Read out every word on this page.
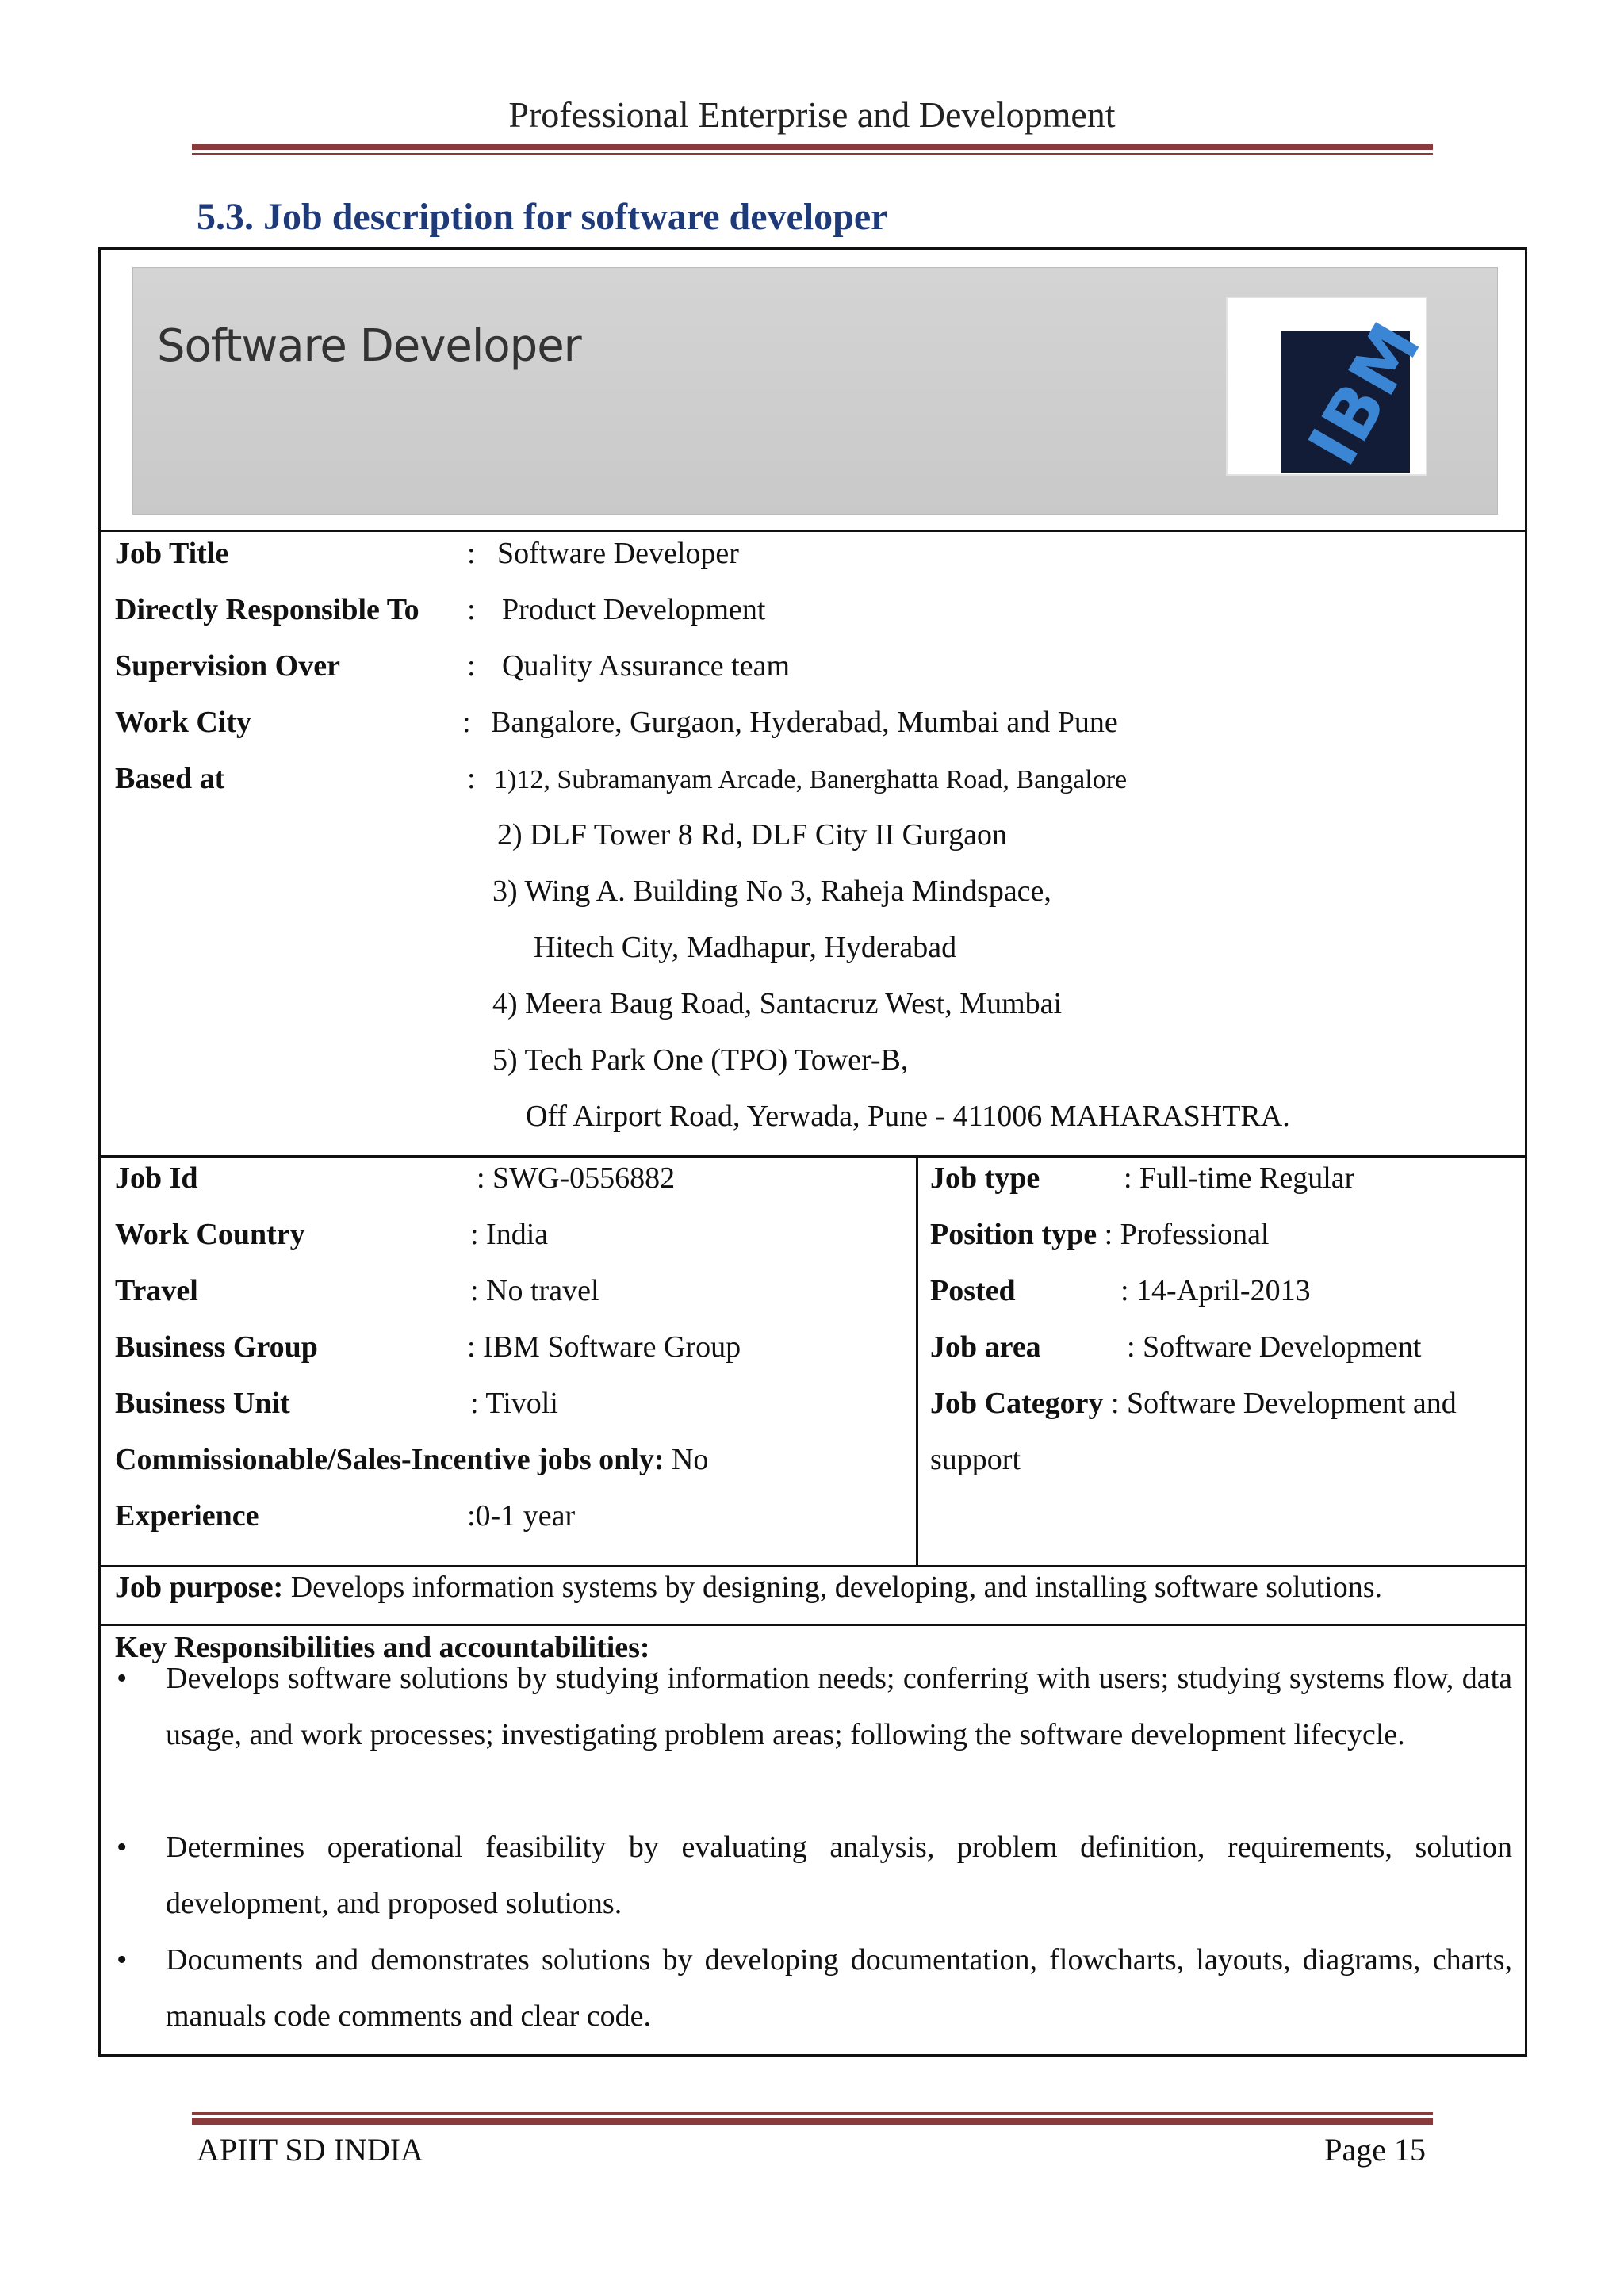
Professional Enterprise and Development
5.3. Job description for software developer
Software Developer	IBM
Job Title	: Software Developer
Directly Responsible To : Product Development
Supervision Over	: Quality Assurance team
Work City	: Bangalore, Gurgaon, Hyderabad, Mumbai and Pune
Based at	: 1)12, Subramanyam Arcade, Banerghatta Road, Bangalore
2) DLF Tower 8 Rd, DLF City II Gurgaon
3) Wing A. Building No 3, Raheja Mindspace,
Hitech City, Madhapur, Hyderabad
4) Meera Baug Road, Santacruz West, Mumbai
5) Tech Park One (TPO) Tower-B,
Off Airport Road, Yerwada, Pune - 411006 MAHARASHTRA.
Job Id	: SWG-0556882
Work Country	: India
Travel	: No travel
Business Group	: IBM Software Group
Business Unit	: Tivoli
Commissionable/Sales-Incentive jobs only: No
Experience	:0-1 year
Job type	: Full-time Regular
Position type : Professional
Posted	: 14-April-2013
Job area	: Software Development
Job Category : Software Development and
support
Job purpose: Develops information systems by designing, developing, and installing software solutions.
Key Responsibilities and accountabilities:
• Develops software solutions by studying information needs; conferring with users; studying systems flow, data usage, and work processes; investigating problem areas; following the software development lifecycle.
• Determines operational feasibility by evaluating analysis, problem definition, requirements, solution development, and proposed solutions.
• Documents and demonstrates solutions by developing documentation, flowcharts, layouts, diagrams, charts, manuals code comments and clear code.
APIIT SD INDIA	Page 15
